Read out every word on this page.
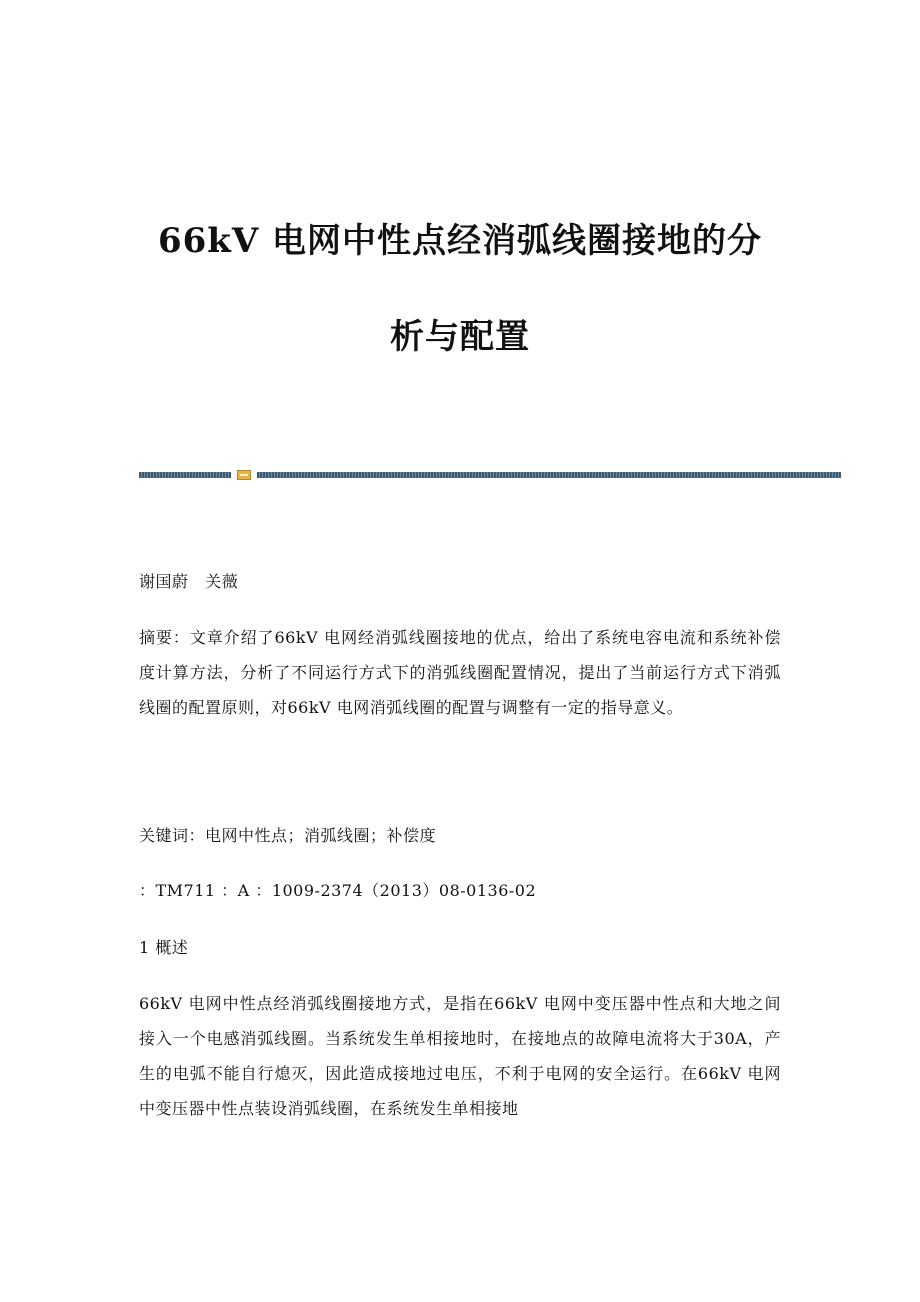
66kV 电网中性点经消弧线圈接地的分
析与配置

谢国蔚   关薇

摘要：文章介绍了66kV 电网经消弧线圈接地的优点，给出了系统电容电流和系统补偿度计算方法，分析了不同运行方式下的消弧线圈配置情况，提出了当前运行方式下消弧线圈的配置原则，对66kV 电网消弧线圈的配置与调整有一定的指导意义。

关键词：电网中性点；消弧线圈；补偿度

：TM711 ：A ：1009-2374（2013）08-0136-02

1 概述

66kV 电网中性点经消弧线圈接地方式，是指在66kV 电网中变压器中性点和大地之间接入一个电感消弧线圈。当系统发生单相接地时，在接地点的故障电流将大于30A，产生的电弧不能自行熄灭，因此造成接地过电压，不利于电网的安全运行。在66kV 电网中变压器中性点装设消弧线圈，在系统发生单相接地
